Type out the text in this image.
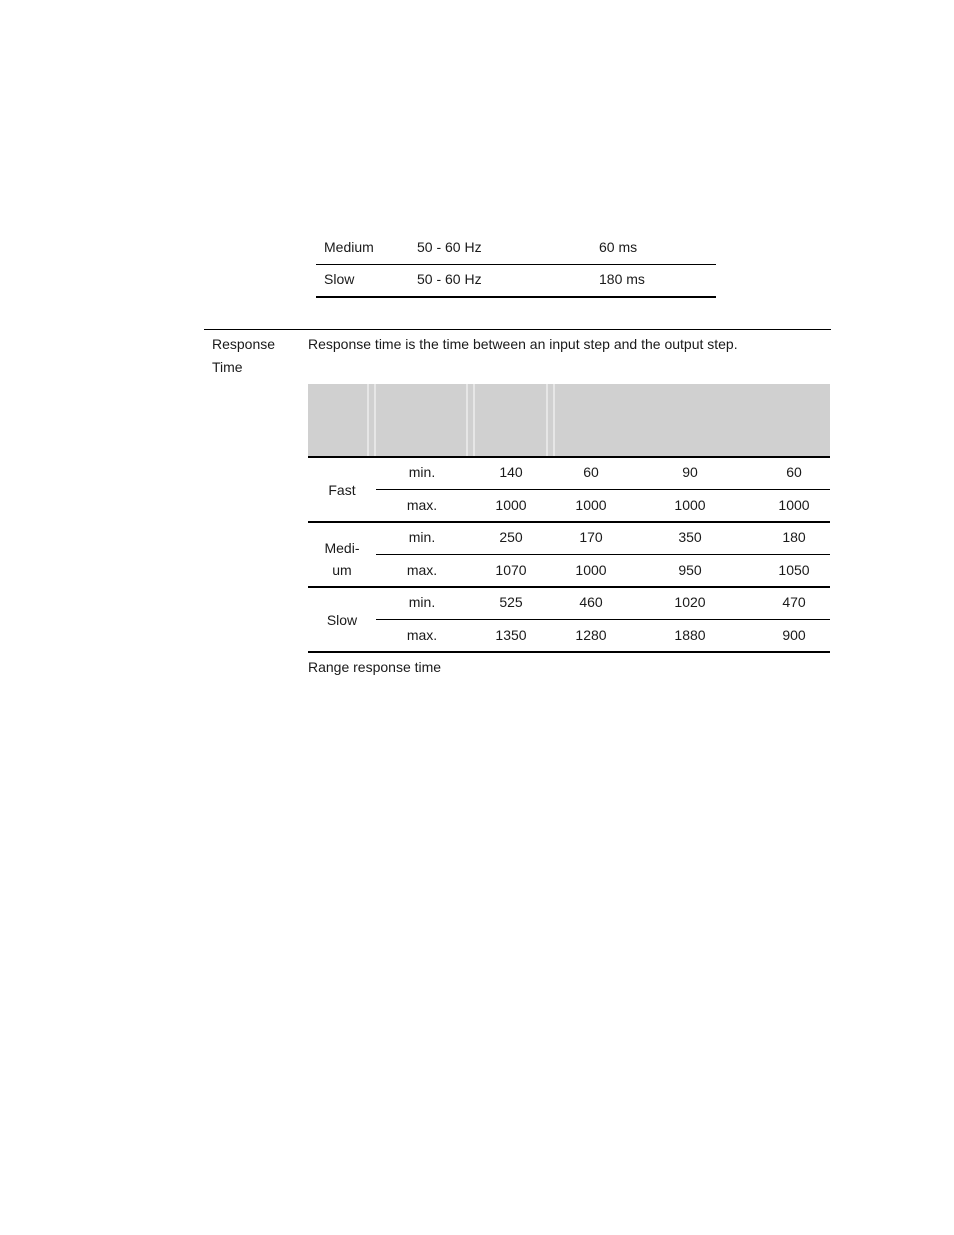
Medium	50 - 60 Hz	60 ms
Slow	50 - 60 Hz	180 ms
Response
Time
Response time is the time between an input step and the output step.
Fast
min.	140	60	90	60
max.	1000	1000	1000	1000
Medi-
um
min.	250	170	350	180
max.	1070	1000	950	1050
Slow
min.	525	460	1020	470
max.	1350	1280	1880	900
Range response time
